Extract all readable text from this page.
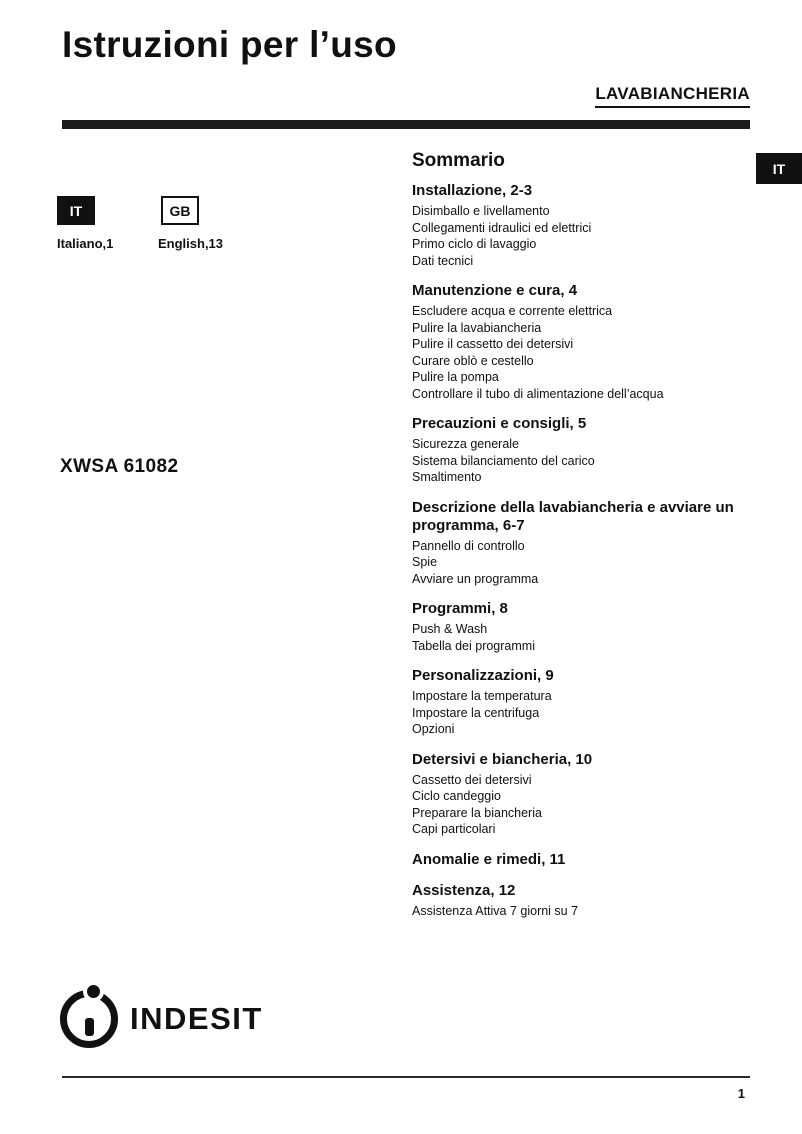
Istruzioni per l’uso
LAVABIANCHERIA
IT
IT
Italiano,1
GB
English,13
XWSA 61082
Sommario
Installazione, 2-3
Disimballo e livellamento
Collegamenti idraulici ed elettrici
Primo ciclo di lavaggio
Dati tecnici
Manutenzione e cura, 4
Escludere acqua e corrente elettrica
Pulire la lavabiancheria
Pulire il cassetto dei detersivi
Curare oblò e cestello
Pulire la pompa
Controllare il tubo di alimentazione dell’acqua
Precauzioni e consigli, 5
Sicurezza generale
Sistema bilanciamento del carico
Smaltimento
Descrizione della lavabiancheria e avviare un programma, 6-7
Pannello di controllo
Spie
Avviare un programma
Programmi, 8
Push & Wash
Tabella dei programmi
Personalizzazioni, 9
Impostare la temperatura
Impostare la centrifuga
Opzioni
Detersivi e biancheria, 10
Cassetto dei detersivi
Ciclo candeggio
Preparare la biancheria
Capi particolari
Anomalie e rimedi, 11
Assistenza, 12
Assistenza Attiva 7 giorni su 7
INDESIT
1
